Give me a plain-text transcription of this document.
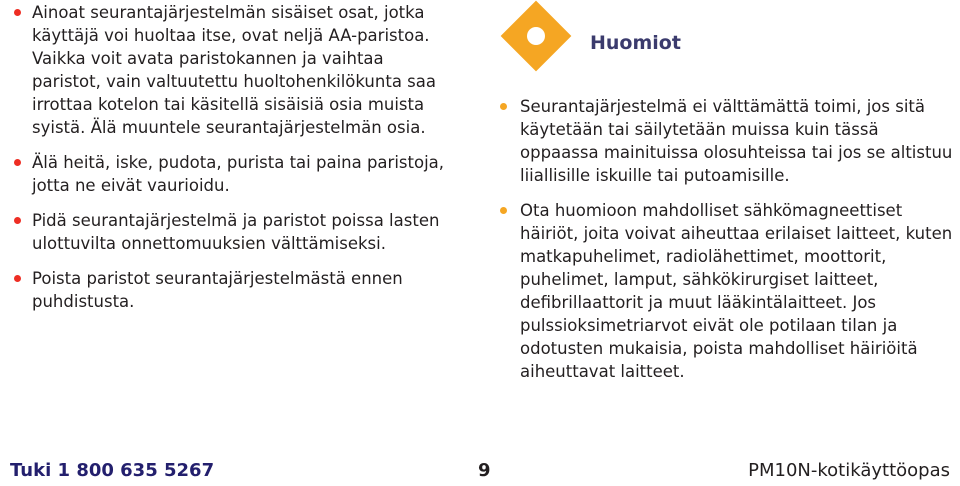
Ainoat seurantajärjestelmän sisäiset osat, jotka käyttäjä voi huoltaa itse, ovat neljä AA-paristoa. Vaikka voit avata paristokannen ja vaihtaa paristot, vain valtuutettu huoltohenkilökunta saa irrottaa kotelon tai käsitellä sisäisiä osia muista syistä. Älä muuntele seurantajärjestelmän osia.
Älä heitä, iske, pudota, purista tai paina paristoja, jotta ne eivät vaurioidu.
Pidä seurantajärjestelmä ja paristot poissa lasten ulottuvilta onnettomuuksien välttämiseksi.
Poista paristot seurantajärjestelmästä ennen puhdistusta.
Huomiot
Seurantajärjestelmä ei välttämättä toimi, jos sitä käytetään tai säilytetään muissa kuin tässä oppaassa mainituissa olosuhteissa tai jos se altistuu liiallisille iskuille tai putoamisille.
Ota huomioon mahdolliset sähkömagneettiset häiriöt, joita voivat aiheuttaa erilaiset laitteet, kuten matkapuhelimet, radiolähettimet, moottorit, puhelimet, lamput, sähkökirurgiset laitteet, defibrillaattorit ja muut lääkintälaitteet. Jos pulssioksimetriarvot eivät ole potilaan tilan ja odotusten mukaisia, poista mahdolliset häiriöitä aiheuttavat laitteet.
Tuki 1 800 635 5267	9	PM10N-kotikäyttöopas
